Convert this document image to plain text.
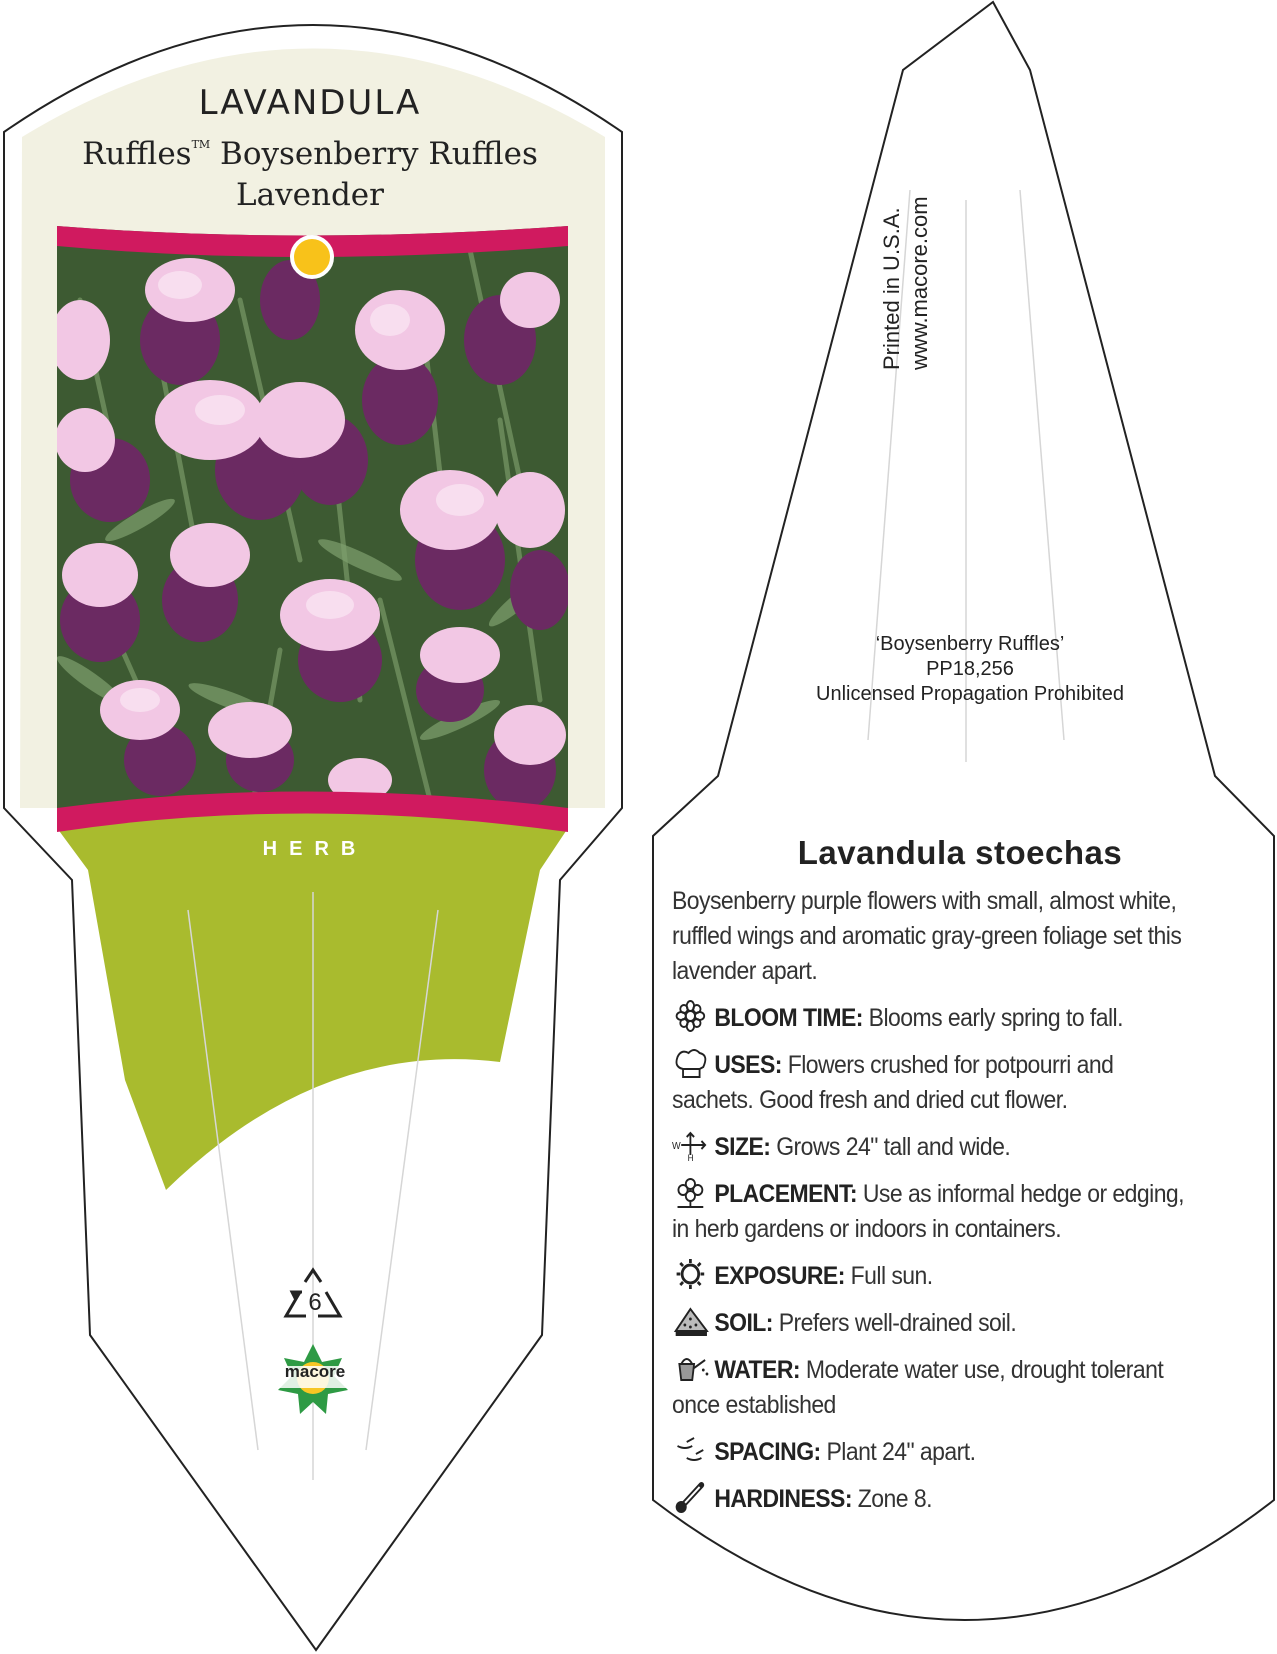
LAVANDULA
Ruffles™ Boysenberry Ruffles
Lavender
HERB
6
macore
Printed in U.S.A. www.macore.com
‘Boysenberry Ruffles’
PP18,256
Unlicensed Propagation Prohibited
Lavandula stoechas
Boysenberry purple flowers with small, almost white, ruffled wings and aromatic gray-green foliage set this lavender apart.
BLOOM TIME: Blooms early spring to fall.
USES: Flowers crushed for potpourri and sachets. Good fresh and dried cut flower.
W
H SIZE: Grows 24" tall and wide.
PLACEMENT: Use as informal hedge or edging, in herb gardens or indoors in containers.
EXPOSURE: Full sun.
SOIL: Prefers well-drained soil.
WATER: Moderate water use, drought tolerant once established
SPACING: Plant 24" apart.
HARDINESS: Zone 8.
